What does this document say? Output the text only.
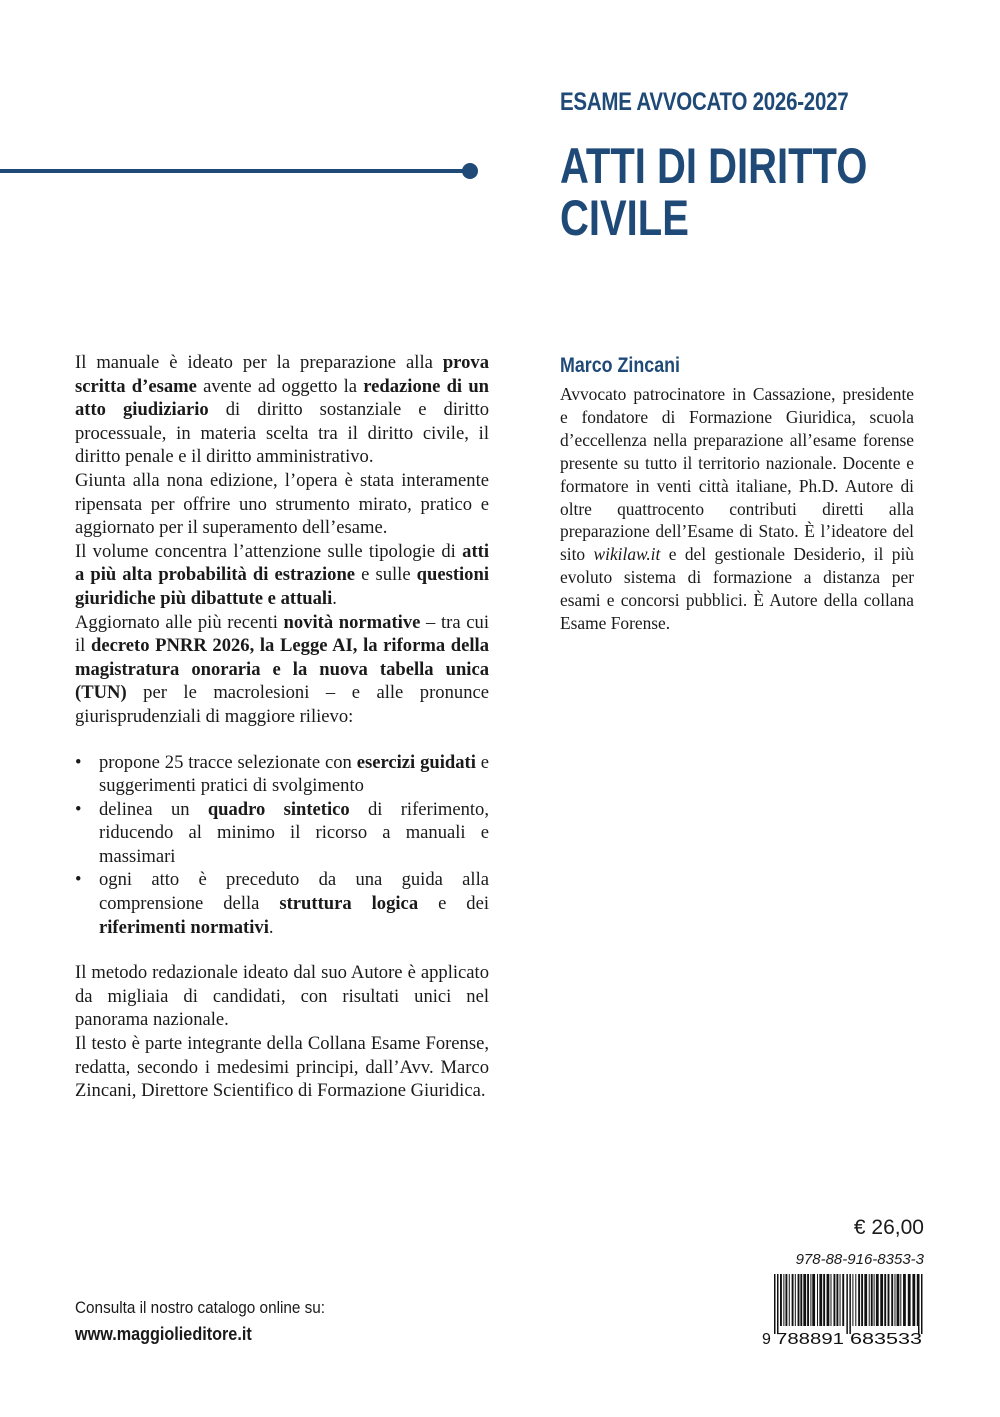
ESAME AVVOCATO 2026-2027
ATTI DI DIRITTO
CIVILE

Il manuale è ideato per la preparazione alla prova scritta d’esame avente ad oggetto la redazione di un atto giudiziario di diritto sostanziale e diritto processuale, in materia scelta tra il diritto civile, il diritto penale e il diritto amministrativo.

Giunta alla nona edizione, l’opera è stata interamente ripensata per offrire uno strumento mirato, pratico e aggiornato per il superamento dell’esame.

Il volume concentra l’attenzione sulle tipologie di atti a più alta probabilità di estrazione e sulle questioni giuridiche più dibattute e attuali.

Aggiornato alle più recenti novità normative – tra cui il decreto PNRR 2026, la Legge AI, la riforma della magistratura onoraria e la nuova tabella unica (TUN) per le macrolesioni – e alle pronunce giurisprudenziali di maggiore rilievo:

• propone 25 tracce selezionate con esercizi guidati e suggerimenti pratici di svolgimento
• delinea un quadro sintetico di riferimento, riducendo al minimo il ricorso a manuali e massimari
• ogni atto è preceduto da una guida alla comprensione della struttura logica e dei riferimenti normativi.

Il metodo redazionale ideato dal suo Autore è applicato da migliaia di candidati, con risultati unici nel panorama nazionale.

Il testo è parte integrante della Collana Esame Forense, redatta, secondo i medesimi principi, dall’Avv. Marco Zincani, Direttore Scientifico di Formazione Giuridica.

Marco Zincani

Avvocato patrocinatore in Cassazione, presidente e fondatore di Formazione Giuridica, scuola d’eccellenza nella preparazione all’esame forense presente su tutto il territorio nazionale. Docente e formatore in venti città italiane, Ph.D. Autore di oltre quattrocento contributi diretti alla preparazione dell’Esame di Stato. È l’ideatore del sito wikilaw.it e del gestionale Desiderio, il più evoluto sistema di formazione a distanza per esami e concorsi pubblici. È Autore della collana Esame Forense.

Consulta il nostro catalogo online su:
www.maggiolieditore.it
€ 26,00
978-88-916-8353-3
9 788891 683533
